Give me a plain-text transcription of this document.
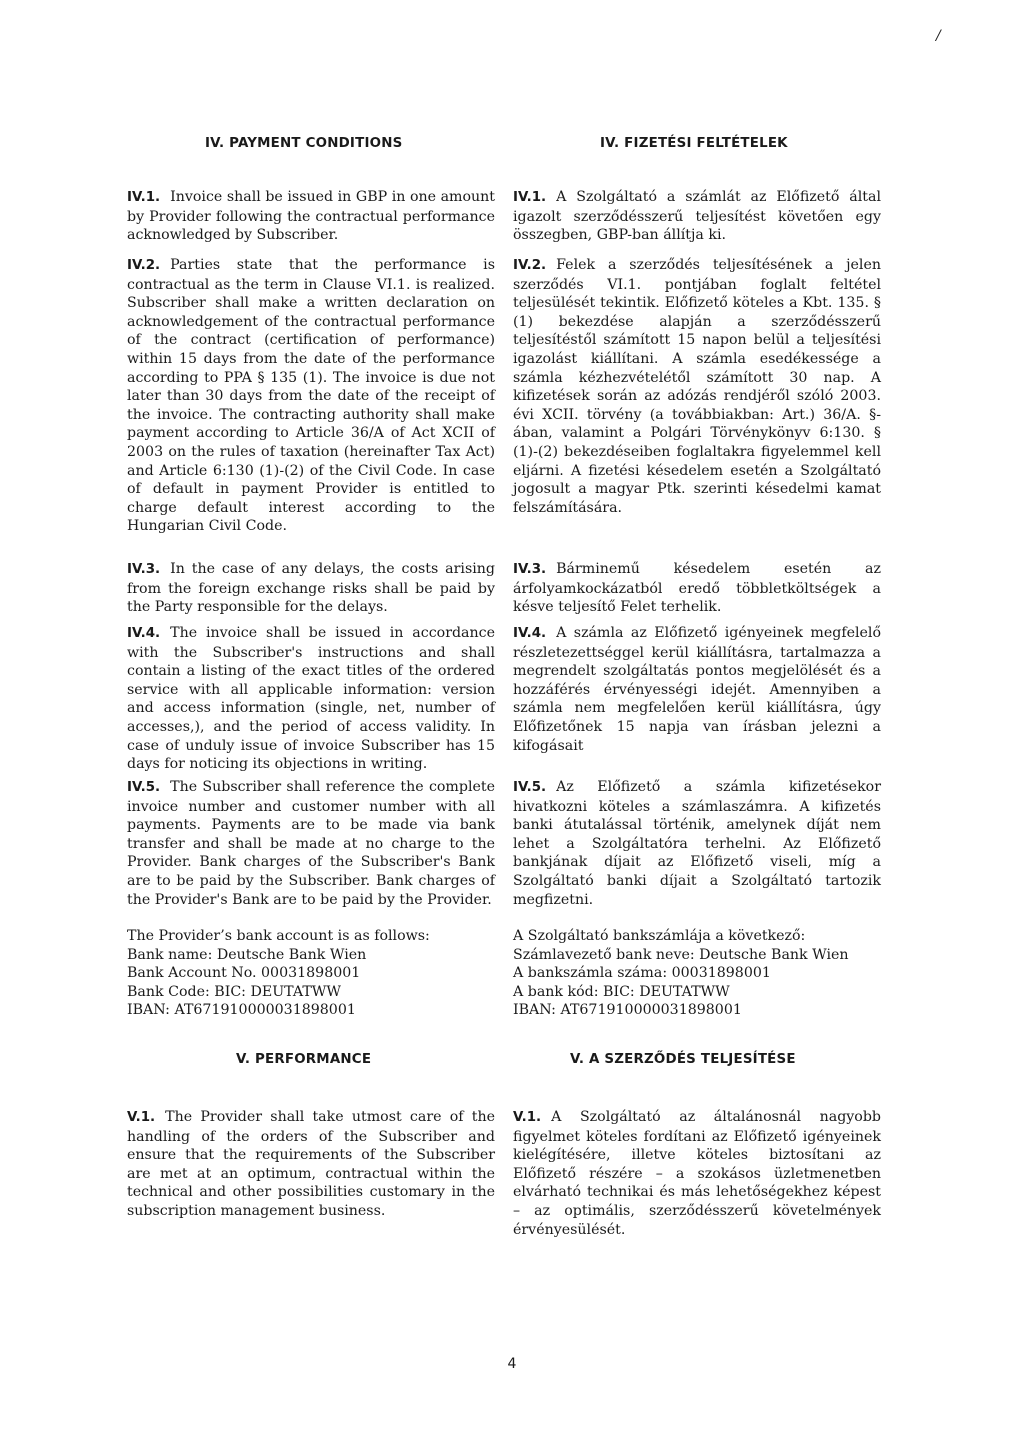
/
IV. PAYMENT CONDITIONS	IV. FIZETÉSI FELTÉTELEK
IV.1. Invoice shall be issued in GBP in one amount by Provider following the contractual performance acknowledged by Subscriber.
IV.2. Parties state that the performance is contractual as the term in Clause VI.1. is realized. Subscriber shall make a written declaration on acknowledgement of the contractual performance of the contract (certification of performance) within 15 days from the date of the performance according to PPA § 135 (1). The invoice is due not later than 30 days from the date of the receipt of the invoice. The contracting authority shall make payment according to Article 36/A of Act XCII of 2003 on the rules of taxation (hereinafter Tax Act) and Article 6:130 (1)-(2) of the Civil Code. In case of default in payment Provider is entitled to charge default interest according to the Hungarian Civil Code.
IV.3. In the case of any delays, the costs arising from the foreign exchange risks shall be paid by the Party responsible for the delays.
IV.4. The invoice shall be issued in accordance with the Subscriber's instructions and shall contain a listing of the exact titles of the ordered service with all applicable information: version and access information (single, net, number of accesses,), and the period of access validity. In case of unduly issue of invoice Subscriber has 15 days for noticing its objections in writing.
IV.5. The Subscriber shall reference the complete invoice number and customer number with all payments. Payments are to be made via bank transfer and shall be made at no charge to the Provider. Bank charges of the Subscriber's Bank are to be paid by the Subscriber. Bank charges of the Provider's Bank are to be paid by the Provider.

The Provider’s bank account is as follows:

Bank name: Deutsche Bank Wien

Bank Account No. 00031898001

Bank Code: BIC: DEUTATWW

IBAN: AT671910000031898001

IV.1. A Szolgáltató a számlát az Előfizető által igazolt szerződésszerű teljesítést követően egy összegben, GBP-ban állítja ki.
IV.2. Felek a szerződés teljesítésének a jelen szerződés VI.1. pontjában foglalt feltétel teljesülését tekintik. Előfizető köteles a Kbt. 135. § (1) bekezdése alapján a szerződésszerű teljesítéstől számított 15 napon belül a teljesítési igazolást kiállítani. A számla esedékessége a számla kézhezvételétől számított 30 nap. A kifizetések során az adózás rendjéről szóló 2003. évi XCII. törvény (a továbbiakban: Art.) 36/A. §-ában, valamint a Polgári Törvénykönyv 6:130. § (1)-(2) bekezdéseiben foglaltakra figyelemmel kell eljárni. A fizetési késedelem esetén a Szolgáltató jogosult a magyar Ptk. szerinti késedelmi kamat felszámítására.
IV.3. Bárminemű késedelem esetén az árfolyamkockázatból eredő többletköltségek a késve teljesítő Felet terhelik.
IV.4. A számla az Előfizető igényeinek megfelelő részletezettséggel kerül kiállításra, tartalmazza a megrendelt szolgáltatás pontos megjelölését és a hozzáférés érvényességi idejét. Amennyiben a számla nem megfelelően kerül kiállításra, úgy Előfizetőnek 15 napja van írásban jelezni a kifogásait
IV.5. Az Előfizető a számla kifizetésekor hivatkozni köteles a számlaszámra. A kifizetés banki átutalással történik, amelynek díját nem lehet a Szolgáltatóra terhelni. Az Előfizető bankjának díjait az Előfizető viseli, míg a Szolgáltató banki díjait a Szolgáltató tartozik megfizetni.

A Szolgáltató bankszámlája a következő:

Számlavezető bank neve: Deutsche Bank Wien

A bankszámla száma: 00031898001

A bank kód: BIC: DEUTATWW

IBAN: AT671910000031898001

V. PERFORMANCE	V. A SZERZŐDÉS TELJESÍTÉSE
V.1. The Provider shall take utmost care of the handling of the orders of the Subscriber and ensure that the requirements of the Subscriber are met at an optimum, contractual within the technical and other possibilities customary in the subscription management business.
V.1. A Szolgáltató az általánosnál nagyobb figyelmet köteles fordítani az Előfizető igényeinek kielégítésére, illetve köteles biztosítani az Előfizető részére – a szokásos üzletmenetben elvárható technikai és más lehetőségekhez képest – az optimális, szerződésszerű követelmények érvényesülését.
4
